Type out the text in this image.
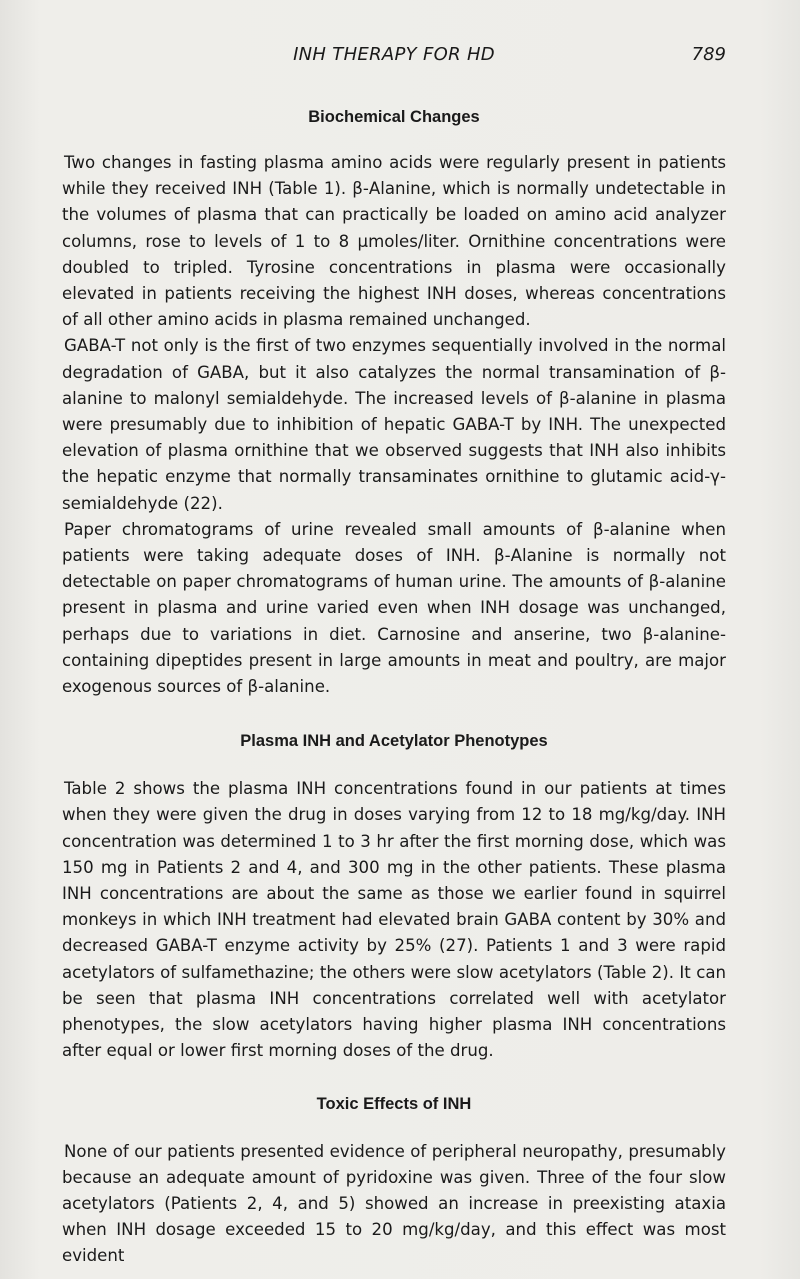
INH THERAPY FOR HD	789
Biochemical Changes

Two changes in fasting plasma amino acids were regularly present in patients while they received INH (Table 1). β-Alanine, which is normally undetectable in the volumes of plasma that can practically be loaded on amino acid analyzer columns, rose to levels of 1 to 8 µmoles/liter. Ornithine concentrations were doubled to tripled. Tyrosine concentrations in plasma were occasionally elevated in patients receiving the highest INH doses, whereas concentrations of all other amino acids in plasma remained unchanged.

GABA-T not only is the first of two enzymes sequentially involved in the normal degradation of GABA, but it also catalyzes the normal transamination of β-alanine to malonyl semialdehyde. The increased levels of β-alanine in plasma were presumably due to inhibition of hepatic GABA-T by INH. The unexpected elevation of plasma ornithine that we observed suggests that INH also inhibits the hepatic enzyme that normally transaminates ornithine to glutamic acid-γ-semialdehyde (22).

Paper chromatograms of urine revealed small amounts of β-alanine when patients were taking adequate doses of INH. β-Alanine is normally not detectable on paper chromatograms of human urine. The amounts of β-alanine present in plasma and urine varied even when INH dosage was unchanged, perhaps due to variations in diet. Carnosine and anserine, two β-alanine-containing dipeptides present in large amounts in meat and poultry, are major exogenous sources of β-alanine.

Plasma INH and Acetylator Phenotypes

Table 2 shows the plasma INH concentrations found in our patients at times when they were given the drug in doses varying from 12 to 18 mg/kg/day. INH concentration was determined 1 to 3 hr after the first morning dose, which was 150 mg in Patients 2 and 4, and 300 mg in the other patients. These plasma INH concentrations are about the same as those we earlier found in squirrel monkeys in which INH treatment had elevated brain GABA content by 30% and decreased GABA-T enzyme activity by 25% (27). Patients 1 and 3 were rapid acetylators of sulfamethazine; the others were slow acetylators (Table 2). It can be seen that plasma INH concentrations correlated well with acetylator phenotypes, the slow acetylators having higher plasma INH concentrations after equal or lower first morning doses of the drug.

Toxic Effects of INH

None of our patients presented evidence of peripheral neuropathy, presumably because an adequate amount of pyridoxine was given. Three of the four slow acetylators (Patients 2, 4, and 5) showed an increase in preexisting ataxia when INH dosage exceeded 15 to 20 mg/kg/day, and this effect was most evident
